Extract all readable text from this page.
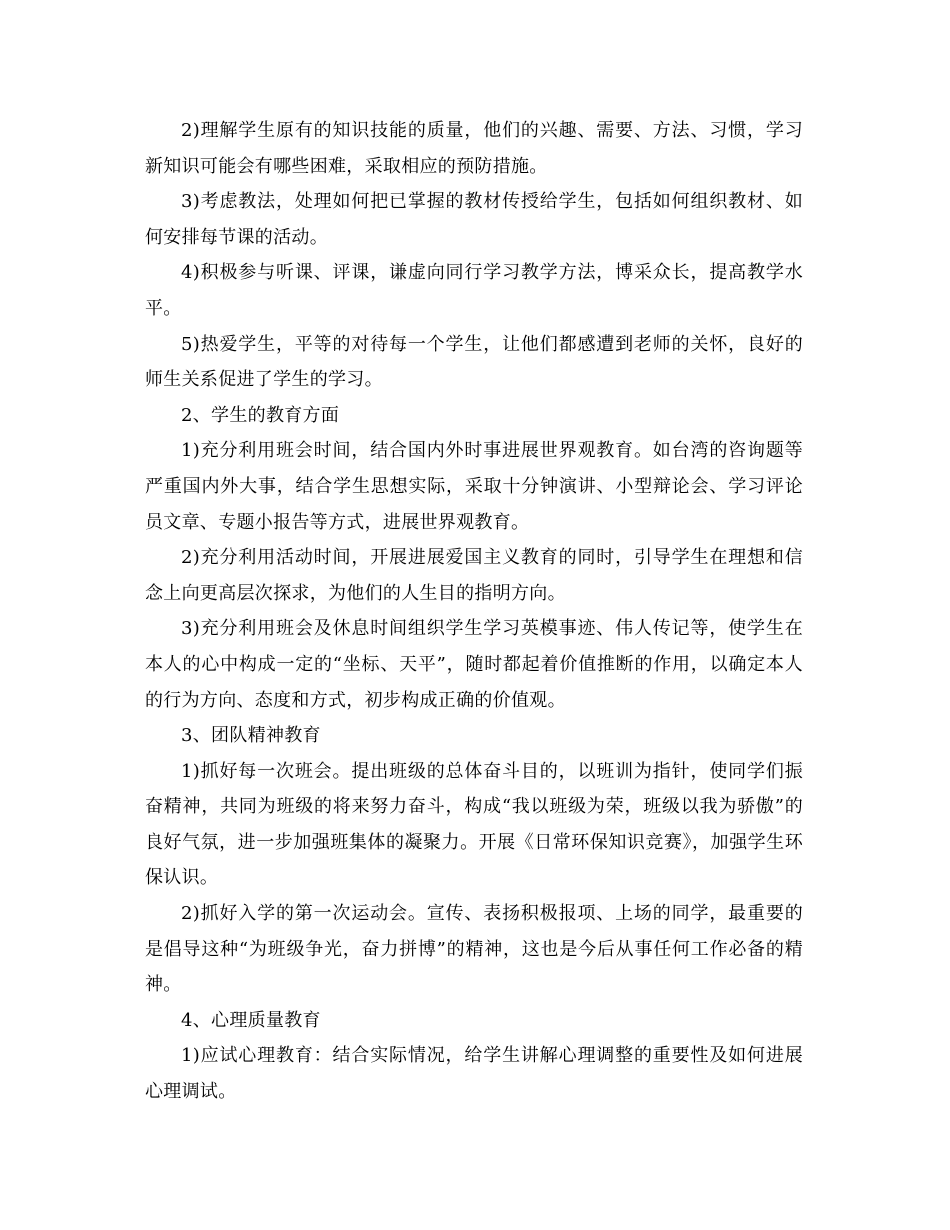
2)理解学生原有的知识技能的质量，他们的兴趣、需要、方法、习惯，学习新知识可能会有哪些困难，采取相应的预防措施。

3)考虑教法，处理如何把已掌握的教材传授给学生，包括如何组织教材、如何安排每节课的活动。

4)积极参与听课、评课，谦虚向同行学习教学方法，博采众长，提高教学水平。

5)热爱学生，平等的对待每一个学生，让他们都感遭到老师的关怀，良好的师生关系促进了学生的学习。

2、学生的教育方面

1)充分利用班会时间，结合国内外时事进展世界观教育。如台湾的咨询题等严重国内外大事，结合学生思想实际，采取十分钟演讲、小型辩论会、学习评论员文章、专题小报告等方式，进展世界观教育。

2)充分利用活动时间，开展进展爱国主义教育的同时，引导学生在理想和信念上向更高层次探求，为他们的人生目的指明方向。

3)充分利用班会及休息时间组织学生学习英模事迹、伟人传记等，使学生在本人的心中构成一定的“坐标、天平”，随时都起着价值推断的作用，以确定本人的行为方向、态度和方式，初步构成正确的价值观。

3、团队精神教育

1)抓好每一次班会。提出班级的总体奋斗目的，以班训为指针，使同学们振奋精神，共同为班级的将来努力奋斗，构成“我以班级为荣，班级以我为骄傲”的良好气氛，进一步加强班集体的凝聚力。开展《日常环保知识竞赛》，加强学生环保认识。

2)抓好入学的第一次运动会。宣传、表扬积极报项、上场的同学，最重要的是倡导这种“为班级争光，奋力拼博”的精神，这也是今后从事任何工作必备的精神。

4、心理质量教育

1)应试心理教育：结合实际情况，给学生讲解心理调整的重要性及如何进展心理调试。
